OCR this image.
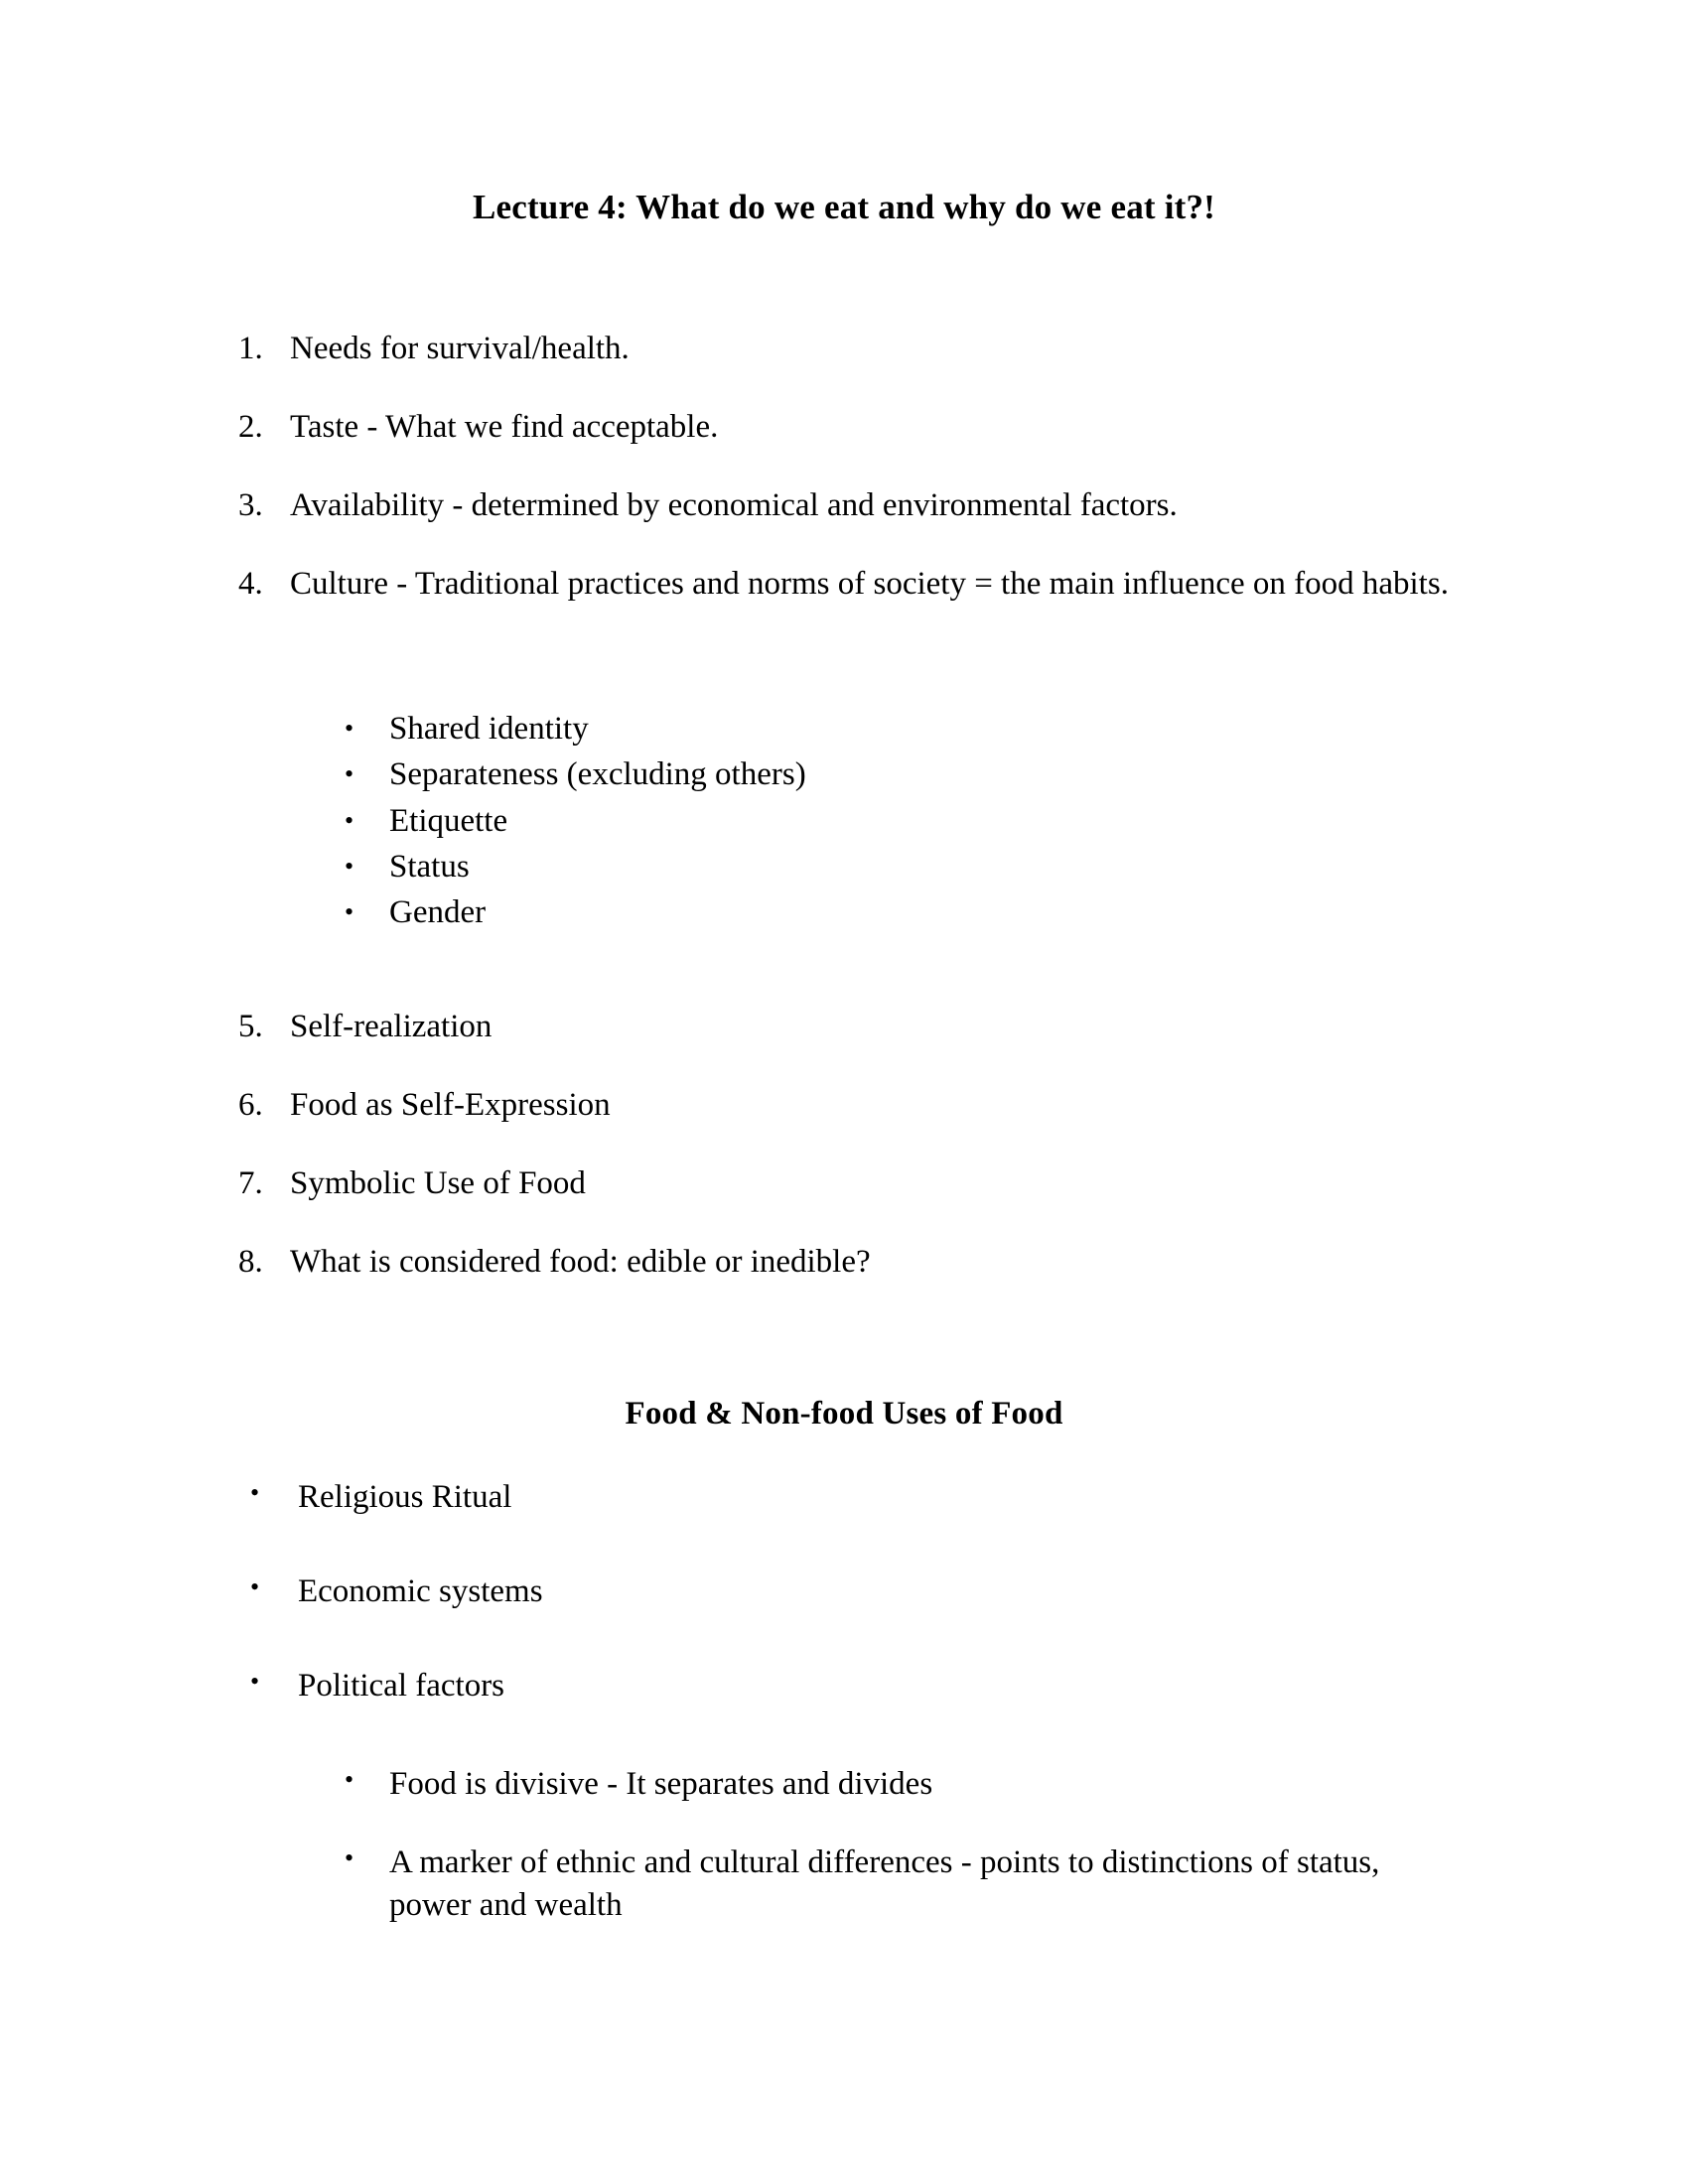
Lecture 4: What do we eat and why do we eat it?!
1. Needs for survival/health.
2. Taste - What we find acceptable.
3. Availability - determined by economical and environmental factors.
4. Culture - Traditional practices and norms of society = the main influence on food habits.
• Shared identity
• Separateness (excluding others)
• Etiquette
• Status
• Gender
5. Self-realization
6. Food as Self-Expression
7. Symbolic Use of Food
8. What is considered food: edible or inedible?
Food & Non-food Uses of Food
• Religious Ritual
• Economic systems
• Political factors
• Food is divisive - It separates and divides
• A marker of ethnic and cultural differences - points to distinctions of status, power and wealth
